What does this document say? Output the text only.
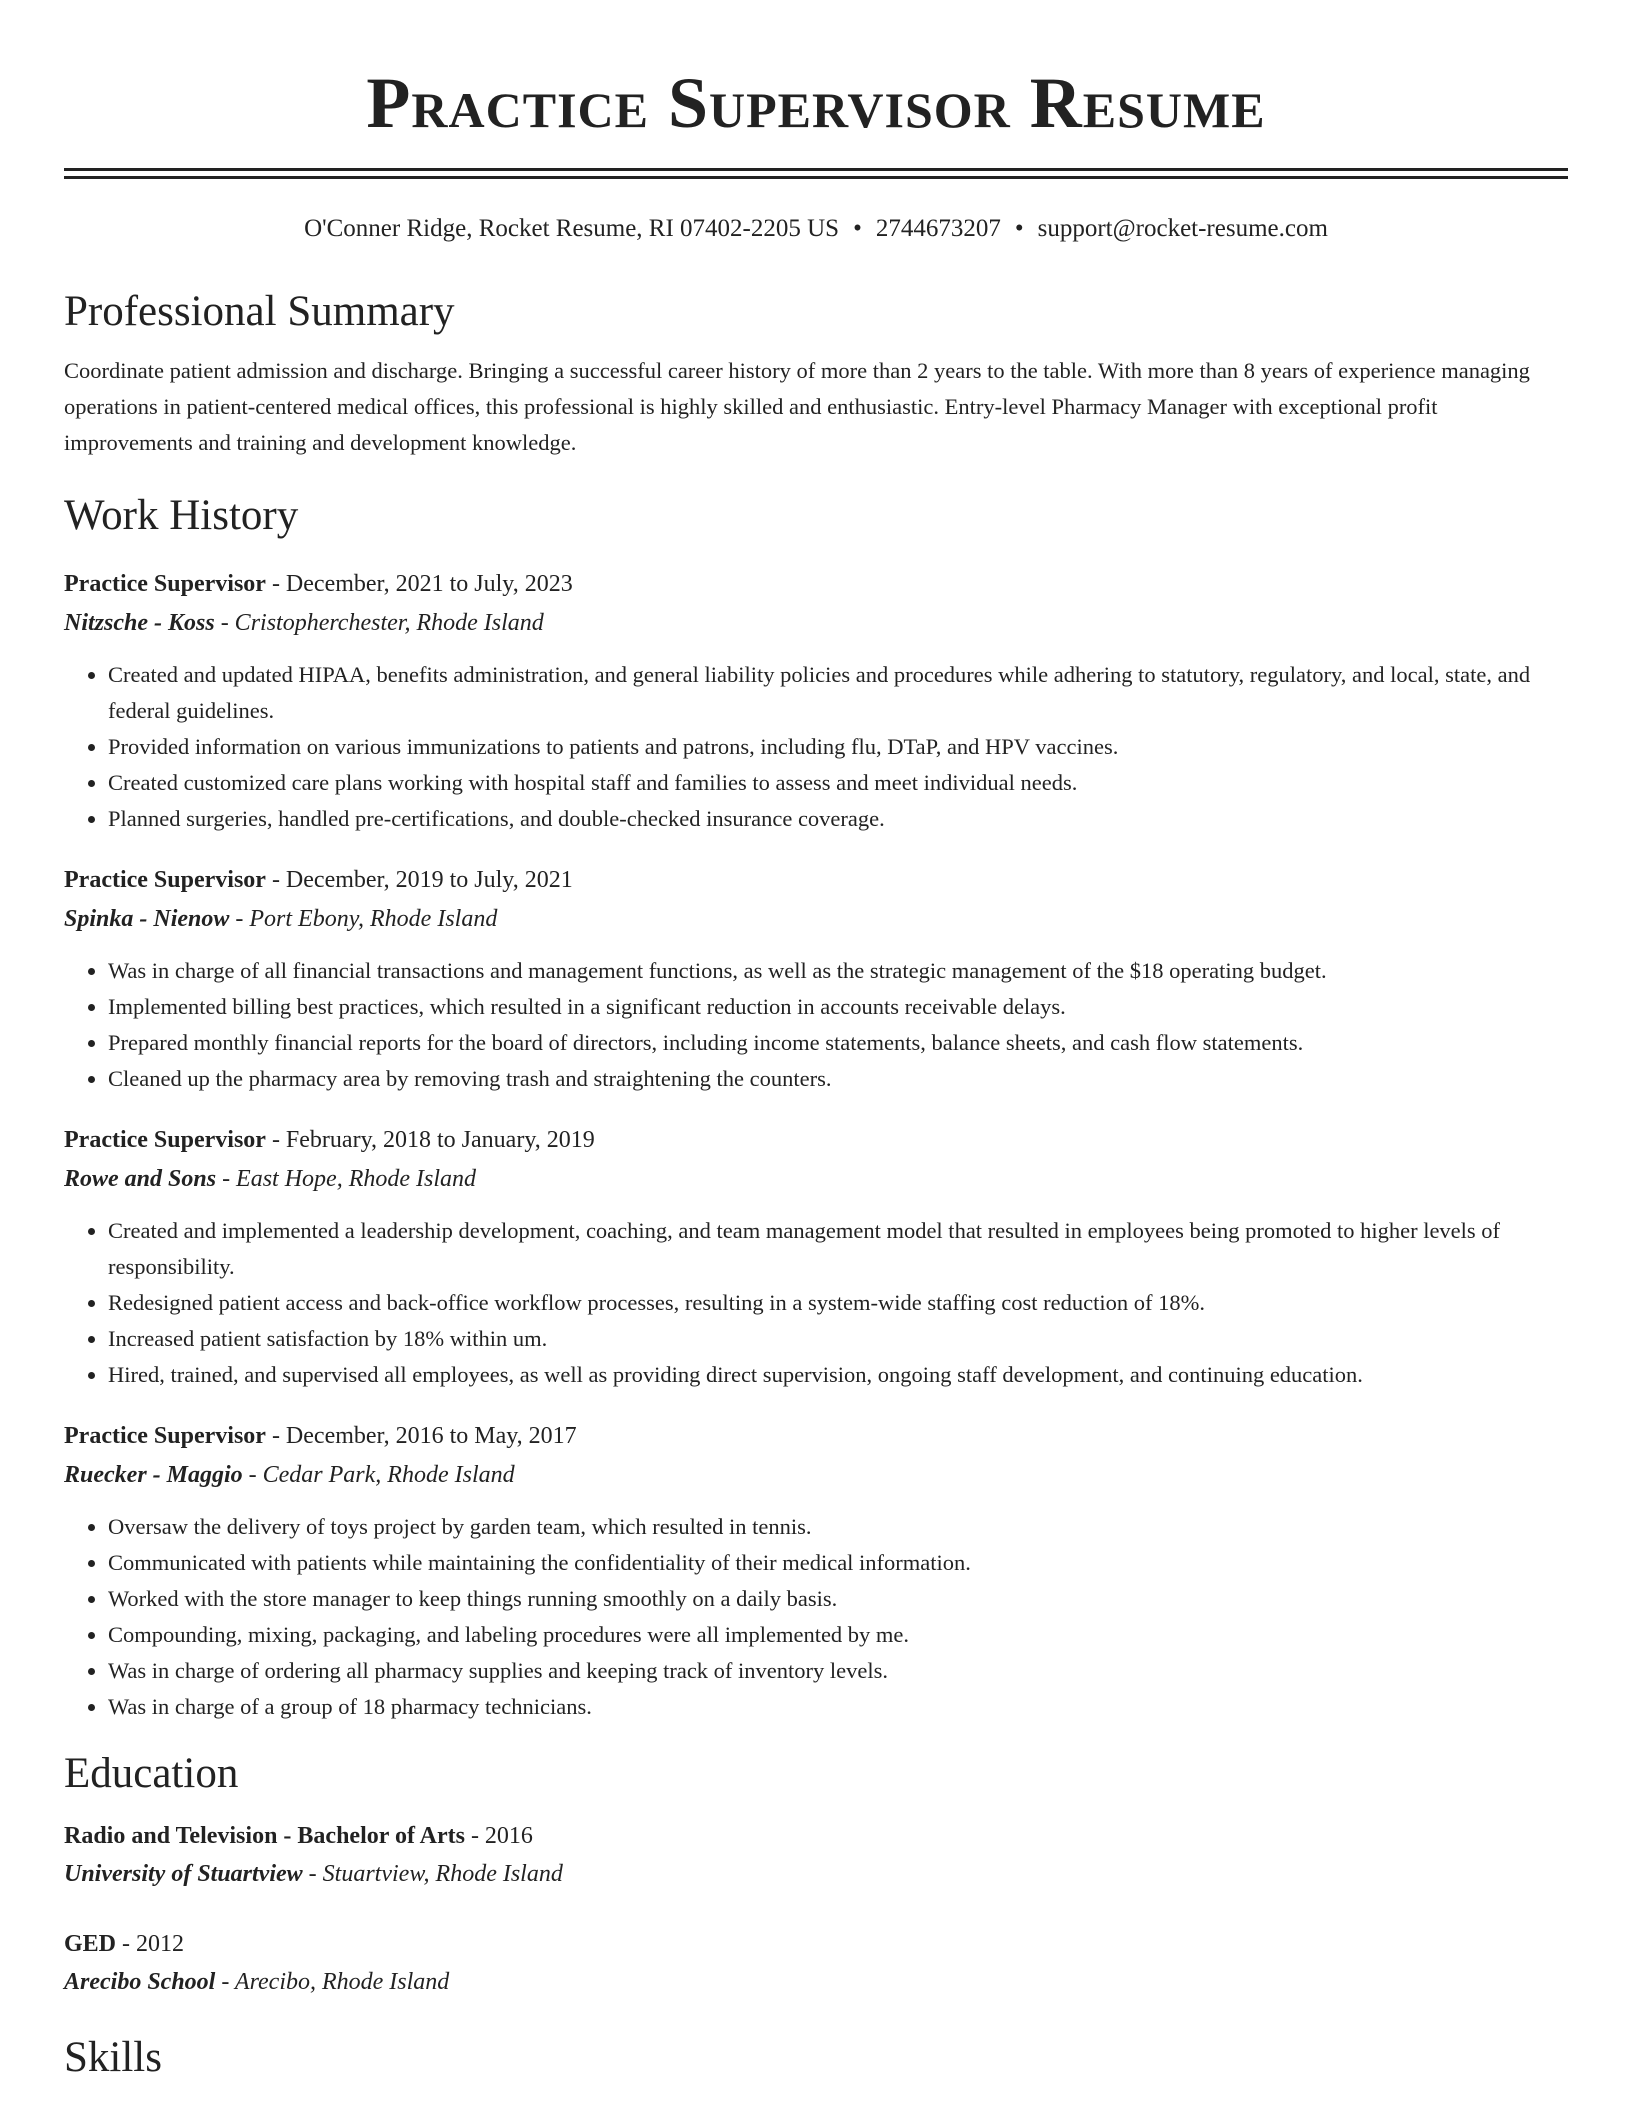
Practice Supervisor Resume
O'Conner Ridge, Rocket Resume, RI 07402-2205 US • 2744673207 • support@rocket-resume.com
Professional Summary

Coordinate patient admission and discharge. Bringing a successful career history of more than 2 years to the table. With more than 8 years of experience managing operations in patient-centered medical offices, this professional is highly skilled and enthusiastic. Entry-level Pharmacy Manager with exceptional profit improvements and training and development knowledge.

Work History
Practice Supervisor - December, 2021 to July, 2023
Nitzsche - Koss - Cristopherchester, Rhode Island
• Created and updated HIPAA, benefits administration, and general liability policies and procedures while adhering to statutory, regulatory, and local, state, and federal guidelines.
• Provided information on various immunizations to patients and patrons, including flu, DTaP, and HPV vaccines.
• Created customized care plans working with hospital staff and families to assess and meet individual needs.
• Planned surgeries, handled pre-certifications, and double-checked insurance coverage.
Practice Supervisor - December, 2019 to July, 2021
Spinka - Nienow - Port Ebony, Rhode Island
• Was in charge of all financial transactions and management functions, as well as the strategic management of the $18 operating budget.
• Implemented billing best practices, which resulted in a significant reduction in accounts receivable delays.
• Prepared monthly financial reports for the board of directors, including income statements, balance sheets, and cash flow statements.
• Cleaned up the pharmacy area by removing trash and straightening the counters.
Practice Supervisor - February, 2018 to January, 2019
Rowe and Sons - East Hope, Rhode Island
• Created and implemented a leadership development, coaching, and team management model that resulted in employees being promoted to higher levels of responsibility.
• Redesigned patient access and back-office workflow processes, resulting in a system-wide staffing cost reduction of 18%.
• Increased patient satisfaction by 18% within um.
• Hired, trained, and supervised all employees, as well as providing direct supervision, ongoing staff development, and continuing education.
Practice Supervisor - December, 2016 to May, 2017
Ruecker - Maggio - Cedar Park, Rhode Island
• Oversaw the delivery of toys project by garden team, which resulted in tennis.
• Communicated with patients while maintaining the confidentiality of their medical information.
• Worked with the store manager to keep things running smoothly on a daily basis.
• Compounding, mixing, packaging, and labeling procedures were all implemented by me.
• Was in charge of ordering all pharmacy supplies and keeping track of inventory levels.
• Was in charge of a group of 18 pharmacy technicians.
Education
Radio and Television - Bachelor of Arts - 2016
University of Stuartview - Stuartview, Rhode Island
GED - 2012
Arecibo School - Arecibo, Rhode Island
Skills
